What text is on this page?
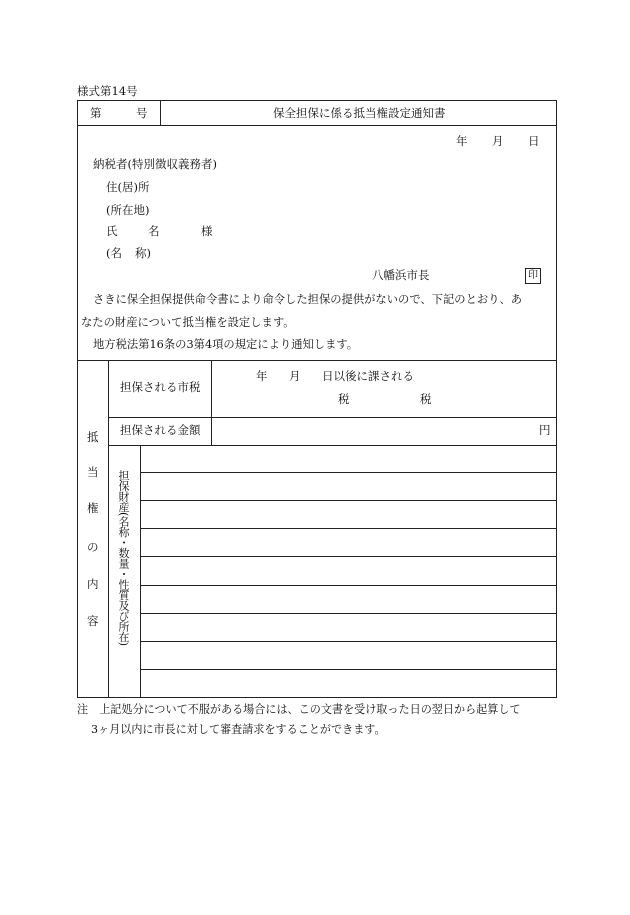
様式第14号
第	号	保全担保に係る抵当権設定通知書
年 月 日
納税者(特別徴収義務者)
住(居)所
(所在地)
氏	名	様
(名 称)
八幡浜市長	印
さきに保全担保提供命令書により命令した担保の提供がないので、下記のとおり、あ
なたの財産について抵当権を設定します。
地方税法第16条の3第4項の規定により通知します。
抵
当
権
の
内
容
担保される市税
年 月 日以後に課される
税	税
担保される金額	円
担保財産(名称・数量・性質及び所在)
注　上記処分について不服がある場合には、この文書を受け取った日の翌日から起算して
3ヶ月以内に市長に対して審査請求をすることができます。
